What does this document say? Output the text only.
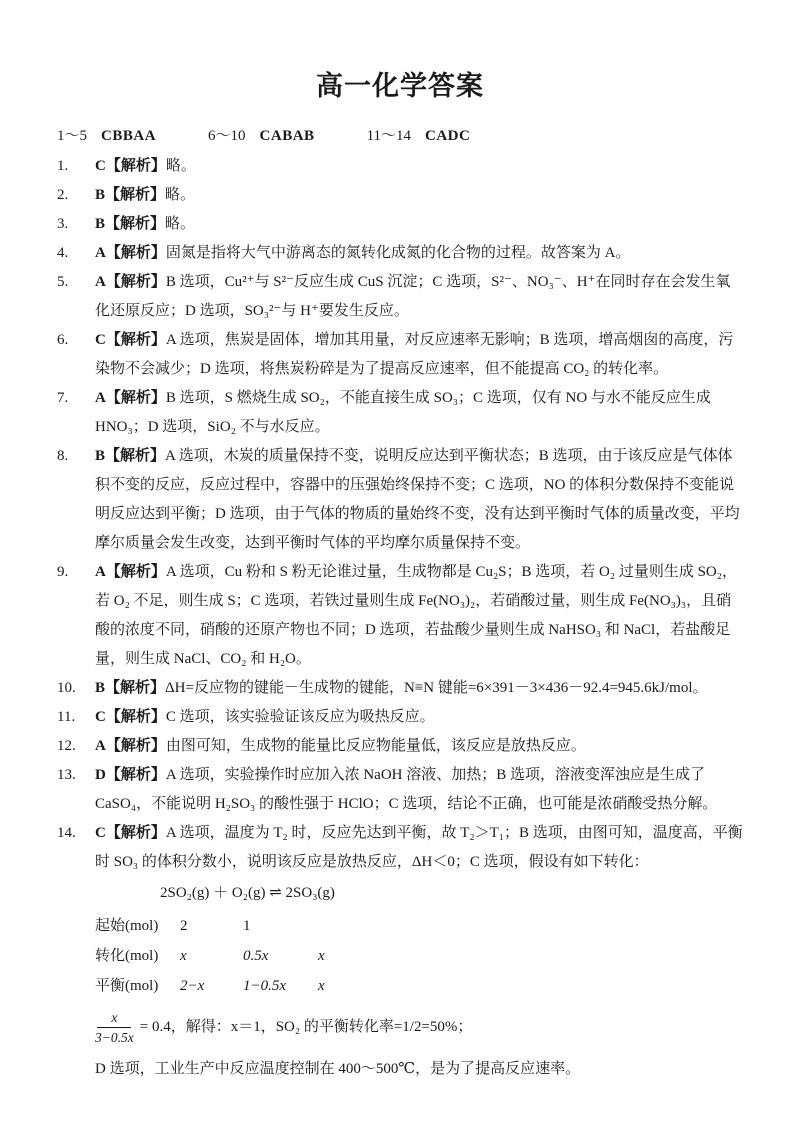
高一化学答案
1～5 CBBAA	6～10 CABAB	11～14 CADC
1.	C【解析】略。
2.	B【解析】略。
3.	B【解析】略。
4.	A【解析】固氮是指将大气中游离态的氮转化成氮的化合物的过程。故答案为 A。
5.	A【解析】B 选项，Cu²⁺与 S²⁻反应生成 CuS 沉淀；C 选项，S²⁻、NO₃⁻、H⁺在同时存在会发生氧化还原反应；D 选项，SO₃²⁻与 H⁺要发生反应。
6.	C【解析】A 选项，焦炭是固体，增加其用量，对反应速率无影响；B 选项，增高烟囱的高度，污染物不会减少；D 选项，将焦炭粉碎是为了提高反应速率，但不能提高 CO₂ 的转化率。
7.	A【解析】B 选项，S 燃烧生成 SO₂，不能直接生成 SO₃；C 选项，仅有 NO 与水不能反应生成 HNO₃；D 选项，SiO₂ 不与水反应。
8.	B【解析】A 选项，木炭的质量保持不变，说明反应达到平衡状态；B 选项，由于该反应是气体体积不变的反应，反应过程中，容器中的压强始终保持不变；C 选项，NO 的体积分数保持不变能说明反应达到平衡；D 选项，由于气体的物质的量始终不变，没有达到平衡时气体的质量改变，平均摩尔质量会发生改变，达到平衡时气体的平均摩尔质量保持不变。
9.	A【解析】A 选项，Cu 粉和 S 粉无论谁过量，生成物都是 Cu₂S；B 选项，若 O₂ 过量则生成 SO₂，若 O₂ 不足，则生成 S；C 选项，若铁过量则生成 Fe(NO₃)₂，若硝酸过量，则生成 Fe(NO₃)₃，且硝酸的浓度不同，硝酸的还原产物也不同；D 选项，若盐酸少量则生成 NaHSO₃ 和 NaCl，若盐酸足量，则生成 NaCl、CO₂ 和 H₂O。
10.	B【解析】ΔH=反应物的键能－生成物的键能，N≡N 键能=6×391－3×436－92.4=945.6kJ/mol。
11.	C【解析】C 选项，该实验验证该反应为吸热反应。
12.	A【解析】由图可知，生成物的能量比反应物能量低，该反应是放热反应。
13.	D【解析】A 选项，实验操作时应加入浓 NaOH 溶液、加热；B 选项，溶液变浑浊应是生成了 CaSO₄，不能说明 H₂SO₃ 的酸性强于 HClO；C 选项，结论不正确，也可能是浓硝酸受热分解。
14.	C【解析】A 选项，温度为 T₂ 时，反应先达到平衡，故 T₂＞T₁；B 选项，由图可知，温度高，平衡时 SO₃ 的体积分数小，说明该反应是放热反应，ΔH＜0；C 选项，假设有如下转化：
2SO₂(g) ＋ O₂(g) ⇌ 2SO₃(g)
起始(mol)	2	1
转化(mol)	x	0.5x	x
平衡(mol)	2−x	1−0.5x	x
$\frac{x}{3-0.5x} = 0.4$，解得：x＝1，SO₂ 的平衡转化率=1/2=50%；
D 选项，工业生产中反应温度控制在 400～500℃，是为了提高反应速率。
